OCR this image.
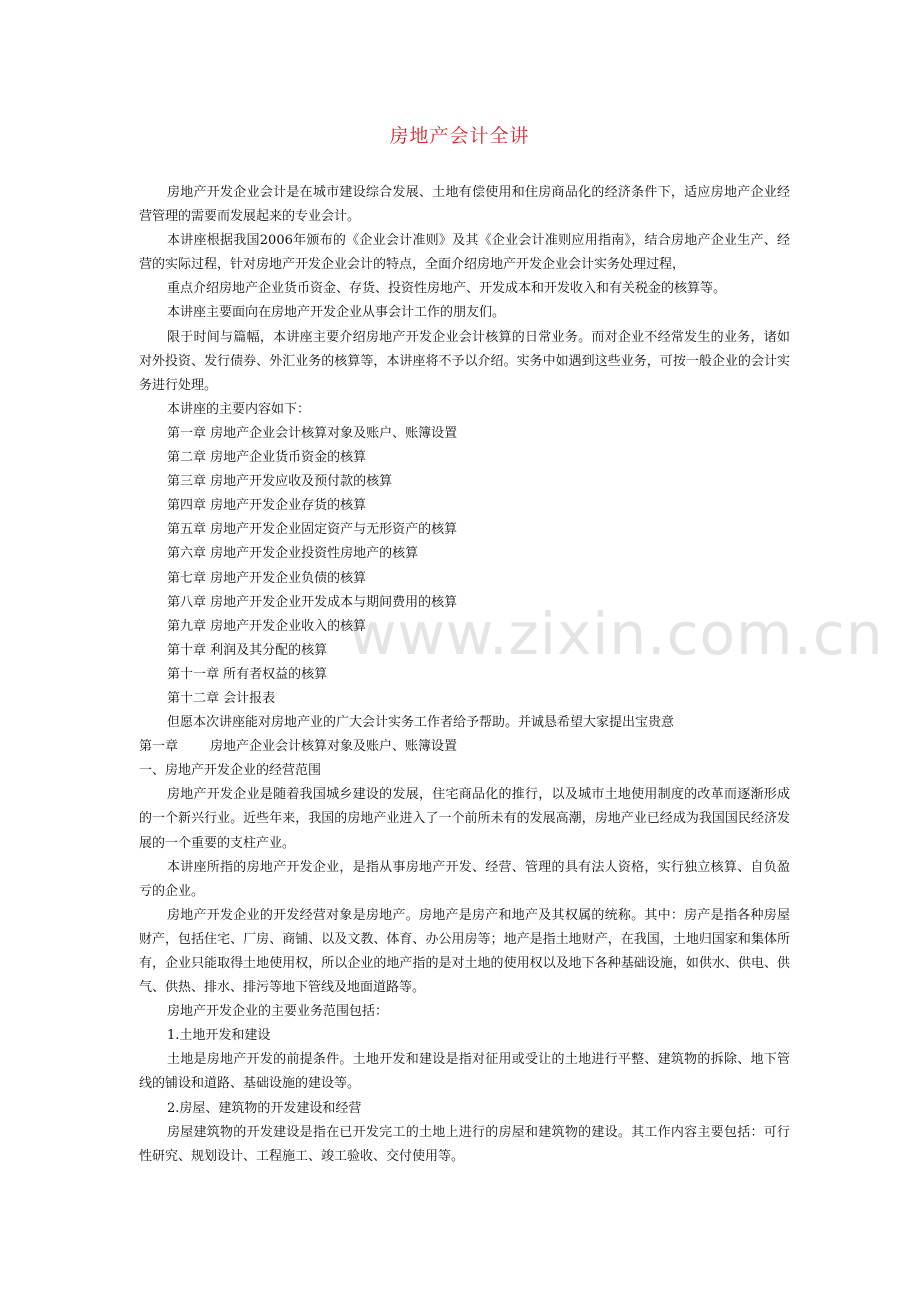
www.zixin.com.cn
房地产会计全讲

房地产开发企业会计是在城市建设综合发展、土地有偿使用和住房商品化的经济条件下，适应房地产企业经营管理的需要而发展起来的专业会计。

本讲座根据我国2006年颁布的《企业会计准则》及其《企业会计准则应用指南》，结合房地产企业生产、经营的实际过程，针对房地产开发企业会计的特点，全面介绍房地产开发企业会计实务处理过程，

重点介绍房地产企业货币资金、存货、投资性房地产、开发成本和开发收入和有关税金的核算等。

本讲座主要面向在房地产开发企业从事会计工作的朋友们。

限于时间与篇幅，本讲座主要介绍房地产开发企业会计核算的日常业务。而对企业不经常发生的业务，诸如对外投资、发行债券、外汇业务的核算等，本讲座将不予以介绍。实务中如遇到这些业务，可按一般企业的会计实务进行处理。

本讲座的主要内容如下：

第一章 房地产企业会计核算对象及账户、账簿设置

第二章 房地产企业货币资金的核算

第三章 房地产开发应收及预付款的核算

第四章 房地产开发企业存货的核算

第五章 房地产开发企业固定资产与无形资产的核算

第六章 房地产开发企业投资性房地产的核算

第七章 房地产开发企业负债的核算

第八章 房地产开发企业开发成本与期间费用的核算

第九章 房地产开发企业收入的核算

第十章 利润及其分配的核算

第十一章 所有者权益的核算

第十二章 会计报表

但愿本次讲座能对房地产业的广大会计实务工作者给予帮助。并诚恳希望大家提出宝贵意

第一章 房地产企业会计核算对象及账户、账簿设置

一、房地产开发企业的经营范围

房地产开发企业是随着我国城乡建设的发展，住宅商品化的推行，以及城市土地使用制度的改革而逐渐形成的一个新兴行业。近些年来，我国的房地产业进入了一个前所未有的发展高潮，房地产业已经成为我国国民经济发展的一个重要的支柱产业。

本讲座所指的房地产开发企业，是指从事房地产开发、经营、管理的具有法人资格，实行独立核算、自负盈亏的企业。

房地产开发企业的开发经营对象是房地产。房地产是房产和地产及其权属的统称。其中：房产是指各种房屋财产，包括住宅、厂房、商铺、以及文教、体育、办公用房等；地产是指土地财产，在我国，土地归国家和集体所有，企业只能取得土地使用权，所以企业的地产指的是对土地的使用权以及地下各种基础设施，如供水、供电、供气、供热、排水、排污等地下管线及地面道路等。

房地产开发企业的主要业务范围包括：

1.土地开发和建设

土地是房地产开发的前提条件。土地开发和建设是指对征用或受让的土地进行平整、建筑物的拆除、地下管线的铺设和道路、基础设施的建设等。

2.房屋、建筑物的开发建设和经营

房屋建筑物的开发建设是指在已开发完工的土地上进行的房屋和建筑物的建设。其工作内容主要包括：可行性研究、规划设计、工程施工、竣工验收、交付使用等。
